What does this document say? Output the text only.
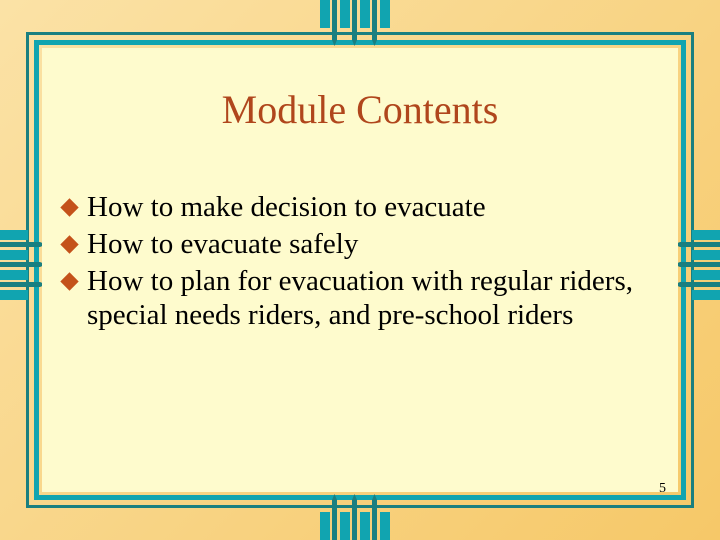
Module Contents
How to make decision to evacuate
How to evacuate safely
How to plan for evacuation with regular riders, special needs riders, and pre-school riders
5
